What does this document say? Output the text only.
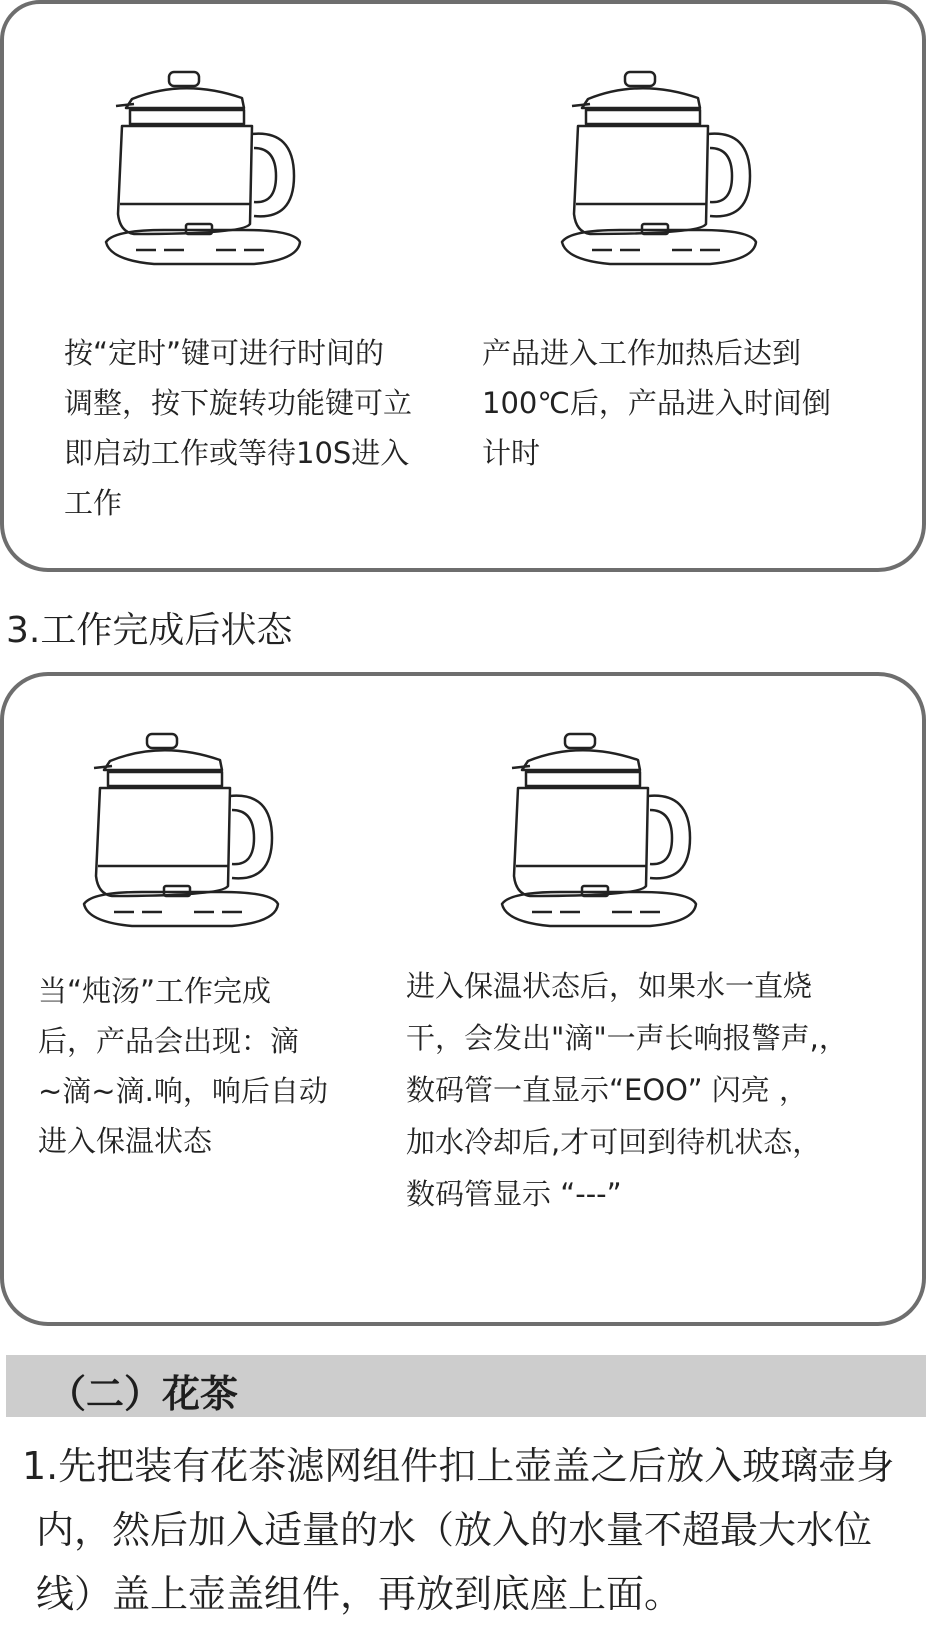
按“定时”键可进行时间的
调整，按下旋转功能键可立
即启动工作或等待10S进入
工作
产品进入工作加热后达到
100℃后，产品进入时间倒
计时
3.工作完成后状态
当“炖汤”工作完成
后，产品会出现：滴
~滴~滴.响，响后自动
进入保温状态
进入保温状态后，如果水一直烧
干，会发出"滴"一声长响报警声,，
数码管一直显示“EOO” 闪亮 ，
加水冷却后,才可回到待机状态，
数码管显示 “---”
（二）花茶
1.先把装有花茶滤网组件扣上壶盖之后放入玻璃壶身
内，然后加入适量的水（放入的水量不超最大水位
线）盖上壶盖组件，再放到底座上面。
